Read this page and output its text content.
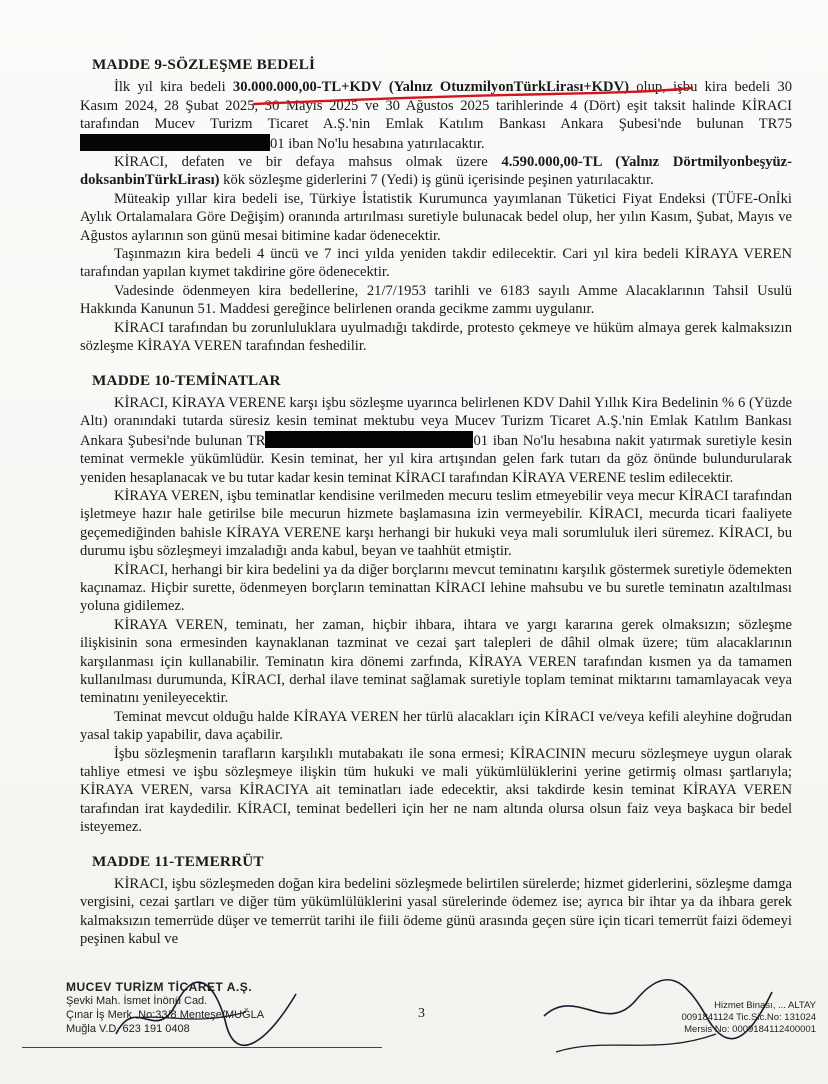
MADDE 9-SÖZLEŞME BEDELİ

İlk yıl kira bedeli 30.000.000,00-TL+KDV (Yalnız OtuzmilyonTürkLirası+KDV) olup, işbu kira bedeli 30 Kasım 2024, 28 Şubat 2025, 30 Mayıs 2025 ve 30 Ağustos 2025 tarihlerinde 4 (Dört) eşit taksit halinde KİRACI tarafından Mucev Turizm Ticaret A.Ş.'nin Emlak Katılım Bankası Ankara Şubesi'nde bulunan TR7501 iban No'lu hesabına yatırılacaktır.

KİRACI, defaten ve bir defaya mahsus olmak üzere 4.590.000,00-TL (Yalnız Dörtmilyonbeşyüz-doksanbinTürkLirası) kök sözleşme giderlerini 7 (Yedi) iş günü içerisinde peşinen yatırılacaktır.

Müteakip yıllar kira bedeli ise, Türkiye İstatistik Kurumunca yayımlanan Tüketici Fiyat Endeksi (TÜFE-Onİki Aylık Ortalamalara Göre Değişim) oranında artırılması suretiyle bulunacak bedel olup, her yılın Kasım, Şubat, Mayıs ve Ağustos aylarının son günü mesai bitimine kadar ödenecektir.

Taşınmazın kira bedeli 4 üncü ve 7 inci yılda yeniden takdir edilecektir. Cari yıl kira bedeli KİRAYA VEREN tarafından yapılan kıymet takdirine göre ödenecektir.

Vadesinde ödenmeyen kira bedellerine, 21/7/1953 tarihli ve 6183 sayılı Amme Alacaklarının Tahsil Usulü Hakkında Kanunun 51. Maddesi gereğince belirlenen oranda gecikme zammı uygulanır.

KİRACI tarafından bu zorunluluklara uyulmadığı takdirde, protesto çekmeye ve hüküm almaya gerek kalmaksızın sözleşme KİRAYA VEREN tarafından feshedilir.

MADDE 10-TEMİNATLAR

KİRACI, KİRAYA VERENE karşı işbu sözleşme uyarınca belirlenen KDV Dahil Yıllık Kira Bedelinin % 6 (Yüzde Altı) oranındaki tutarda süresiz kesin teminat mektubu veya Mucev Turizm Ticaret A.Ş.'nin Emlak Katılım Bankası Ankara Şubesi'nde bulunan TR	01 iban No'lu hesabına nakit yatırmak suretiyle kesin teminat vermekle yükümlüdür. Kesin teminat, her yıl kira artışından gelen fark tutarı da göz önünde bulundurularak yeniden hesaplanacak ve bu tutar kadar kesin teminat KİRACI tarafından KİRAYA VERENE teslim edilecektir.

KİRAYA VEREN, işbu teminatlar kendisine verilmeden mecuru teslim etmeyebilir veya mecur KİRACI tarafından işletmeye hazır hale getirilse bile mecurun hizmete başlamasına izin vermeyebilir. KİRACI, mecurda ticari faaliyete geçemediğinden bahisle KİRAYA VERENE karşı herhangi bir hukuki veya mali sorumluluk ileri süremez. KİRACI, bu durumu işbu sözleşmeyi imzaladığı anda kabul, beyan ve taahhüt etmiştir.

KİRACI, herhangi bir kira bedelini ya da diğer borçlarını mevcut teminatını karşılık göstermek suretiyle ödemekten kaçınamaz. Hiçbir surette, ödenmeyen borçların teminattan KİRACI lehine mahsubu ve bu suretle teminatın azaltılması yoluna gidilemez.

KİRAYA VEREN, teminatı, her zaman, hiçbir ihbara, ihtara ve yargı kararına gerek olmaksızın; sözleşme ilişkisinin sona ermesinden kaynaklanan tazminat ve cezai şart talepleri de dâhil olmak üzere; tüm alacaklarının karşılanması için kullanabilir. Teminatın kira dönemi zarfında, KİRAYA VEREN tarafından kısmen ya da tamamen kullanılması durumunda, KİRACI, derhal ilave teminat sağlamak suretiyle toplam teminat miktarını tamamlayacak veya teminatını yenileyecektir.

Teminat mevcut olduğu halde KİRAYA VEREN her türlü alacakları için KİRACI ve/veya kefili aleyhine doğrudan yasal takip yapabilir, dava açabilir.

İşbu sözleşmenin tarafların karşılıklı mutabakatı ile sona ermesi; KİRACININ mecuru sözleşmeye uygun olarak tahliye etmesi ve işbu sözleşmeye ilişkin tüm hukuki ve mali yükümlülüklerini yerine getirmiş olması şartlarıyla; KİRAYA VEREN, varsa KİRACIYA ait teminatları iade edecektir, aksi takdirde kesin teminat KİRAYA VEREN tarafından irat kaydedilir. KİRACI, teminat bedelleri için her ne nam altında olursa olsun faiz veya başkaca bir bedel isteyemez.

MADDE 11-TEMERRÜT

KİRACI, işbu sözleşmeden doğan kira bedelini sözleşmede belirtilen sürelerde; hizmet giderlerini, sözleşme damga vergisini, cezai şartları ve diğer tüm yükümlülüklerini yasal sürelerinde ödemez ise; ayrıca bir ihtar ya da ihbara gerek kalmaksızın temerrüde düşer ve temerrüt tarihi ile fiili ödeme günü arasında geçen süre için ticari temerrüt faizi ödemeyi peşinen kabul ve

MUCEV TURİZM TİCARET A.Ş.
Şevki Mah. İsmet İnönü Cad.
Çınar İş Merk. No:33/8 Menteşe/MUĞLA
Muğla V.D. 623 191 0408
3
Hizmet Binası, ... ALTAY
0091841124 Tic.Sic.No: 131024
Mersis No: 0009184112400001
